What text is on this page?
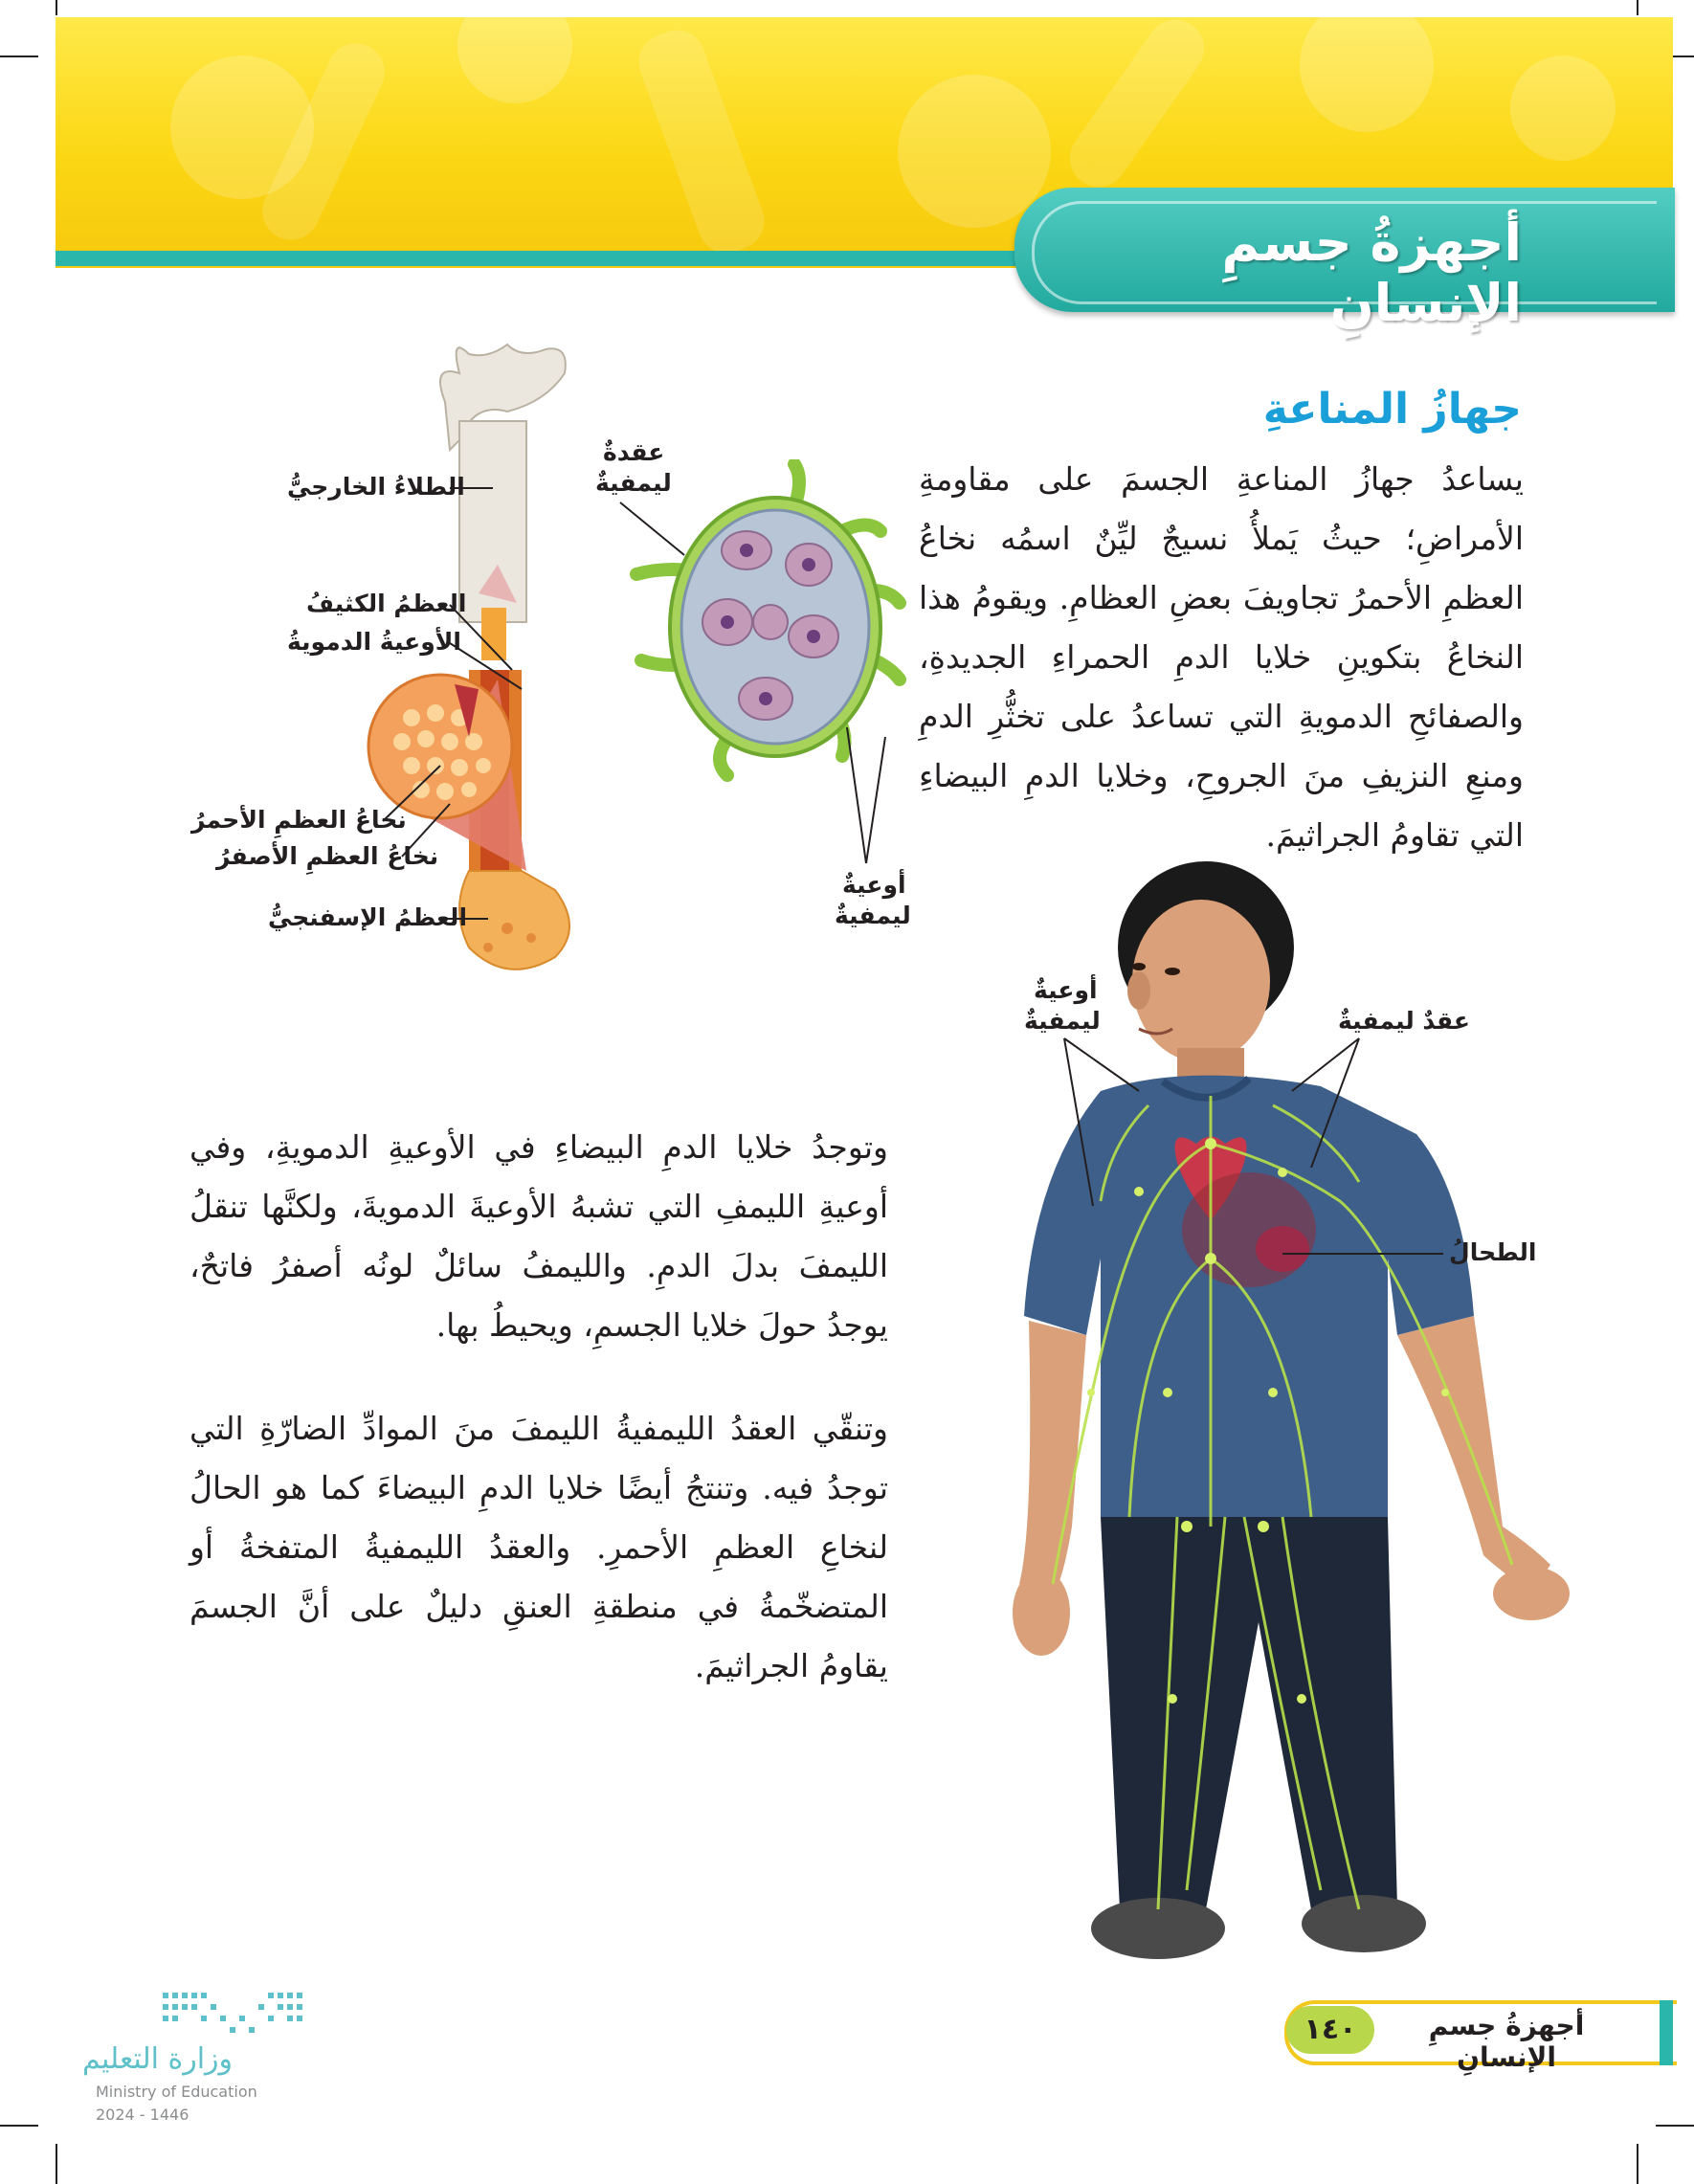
أجهزةُ جسمِ الإنسانِ
جهازُ المناعةِ
يساعدُ جهازُ المناعةِ الجسمَ على مقاومةِ الأمراضِ؛ حيثُ يَملأُ نسيجٌ ليِّنٌ اسمُه نخاعُ العظمِ الأحمرُ تجاويفَ بعضِ العظامِ. ويقومُ هذا النخاعُ بتكوينِ خلايا الدمِ الحمراءِ الجديدةِ، والصفائحِ الدمويةِ التي تساعدُ على تخثُّرِ الدمِ ومنعِ النزيفِ منَ الجروحِ، وخلايا الدمِ البيضاءِ التي تقاومُ الجراثيمَ.
وتوجدُ خلايا الدمِ البيضاءِ في الأوعيةِ الدمويةِ، وفي أوعيةِ الليمفِ التي تشبهُ الأوعيةَ الدمويةَ، ولكنَّها تنقلُ الليمفَ بدلَ الدمِ. والليمفُ سائلٌ لونُه أصفرُ فاتحٌ، يوجدُ حولَ خلايا الجسمِ، ويحيطُ بها.
وتنقّي العقدُ الليمفيةُ الليمفَ منَ الموادِّ الضارّةِ التي توجدُ فيه. وتنتجُ أيضًا خلايا الدمِ البيضاءَ كما هو الحالُ لنخاعِ العظمِ الأحمرِ. والعقدُ الليمفيةُ المتفخةُ أو المتضخّمةُ في منطقةِ العنقِ دليلٌ على أنَّ الجسمَ يقاومُ الجراثيمَ.
الطلاءُ الخارجيُّ
العظمُ الكثيفُ
الأوعيةُ الدمويةُ
نخاعُ العظمِ الأحمرُ
نخاعُ العظمِ الأصفرُ
العظمُ الإسفنجيُّ
عقدةٌ
ليمفيةٌ
أوعيةٌ
ليمفيةٌ
أوعيةٌ
ليمفيةٌ	عقدٌ ليمفيةٌ
الطحالُ
وزارة التعليم
Ministry of Education
2024 - 1446
١٤٠	أجهزةُ جسمِ الإنسانِ
